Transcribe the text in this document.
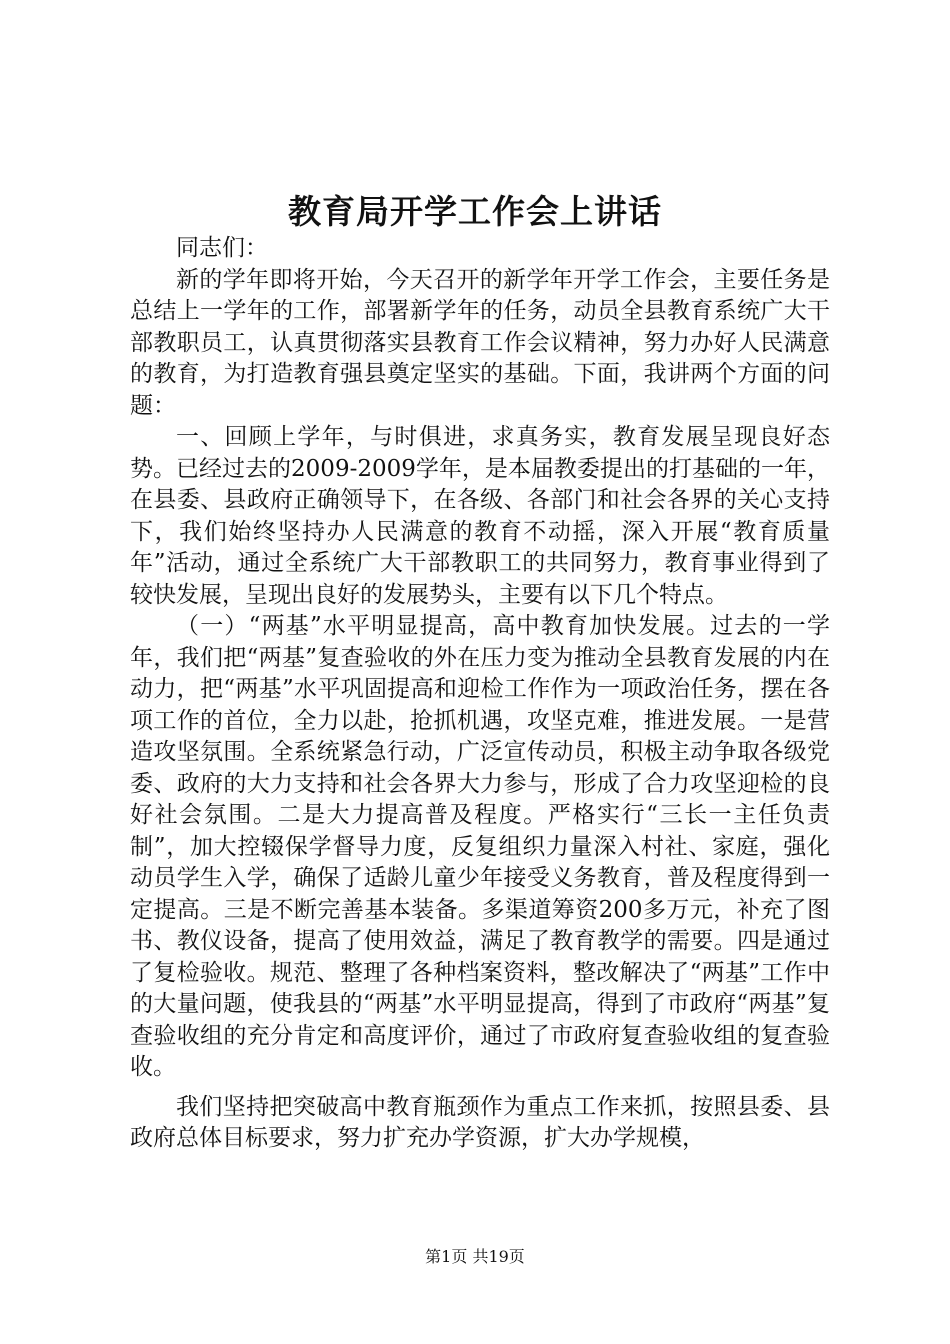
教育局开学工作会上讲话

同志们：

新的学年即将开始，今天召开的新学年开学工作会，主要任务是总结上一学年的工作，部署新学年的任务，动员全县教育系统广大干部教职员工，认真贯彻落实县教育工作会议精神，努力办好人民满意的教育，为打造教育强县奠定坚实的基础。下面，我讲两个方面的问题：

一、回顾上学年，与时俱进，求真务实，教育发展呈现良好态势。已经过去的2009-2009学年，是本届教委提出的打基础的一年，在县委、县政府正确领导下，在各级、各部门和社会各界的关心支持下，我们始终坚持办人民满意的教育不动摇，深入开展“教育质量年”活动，通过全系统广大干部教职工的共同努力，教育事业得到了较快发展，呈现出良好的发展势头，主要有以下几个特点。

（一）“两基”水平明显提高，高中教育加快发展。过去的一学年，我们把“两基”复查验收的外在压力变为推动全县教育发展的内在动力，把“两基”水平巩固提高和迎检工作作为一项政治任务，摆在各项工作的首位，全力以赴，抢抓机遇，攻坚克难，推进发展。一是营造攻坚氛围。全系统紧急行动，广泛宣传动员，积极主动争取各级党委、政府的大力支持和社会各界大力参与，形成了合力攻坚迎检的良好社会氛围。二是大力提高普及程度。严格实行“三长一主任负责制”，加大控辍保学督导力度，反复组织力量深入村社、家庭，强化动员学生入学，确保了适龄儿童少年接受义务教育，普及程度得到一定提高。三是不断完善基本装备。多渠道筹资200多万元，补充了图书、教仪设备，提高了使用效益，满足了教育教学的需要。四是通过了复检验收。规范、整理了各种档案资料，整改解决了“两基”工作中的大量问题，使我县的“两基”水平明显提高，得到了市政府“两基”复查验收组的充分肯定和高度评价，通过了市政府复查验收组的复查验收。

我们坚持把突破高中教育瓶颈作为重点工作来抓，按照县委、县政府总体目标要求，努力扩充办学资源，扩大办学规模，

第1页 共19页
